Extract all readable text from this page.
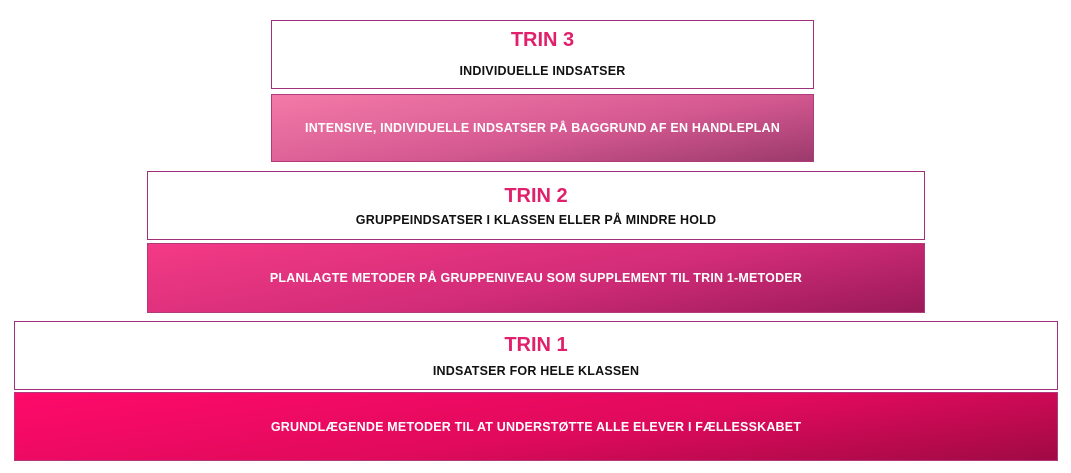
TRIN 3

INDIVIDUELLE INDSATSER

INTENSIVE, INDIVIDUELLE INDSATSER PÅ BAGGRUND AF EN HANDLEPLAN

TRIN 2

GRUPPEINDSATSER I KLASSEN ELLER PÅ MINDRE HOLD

PLANLAGTE METODER PÅ GRUPPENIVEAU SOM SUPPLEMENT TIL TRIN 1-METODER

TRIN 1

INDSATSER FOR HELE KLASSEN

GRUNDLÆGENDE METODER TIL AT UNDERSTØTTE ALLE ELEVER I FÆLLESSKABET
